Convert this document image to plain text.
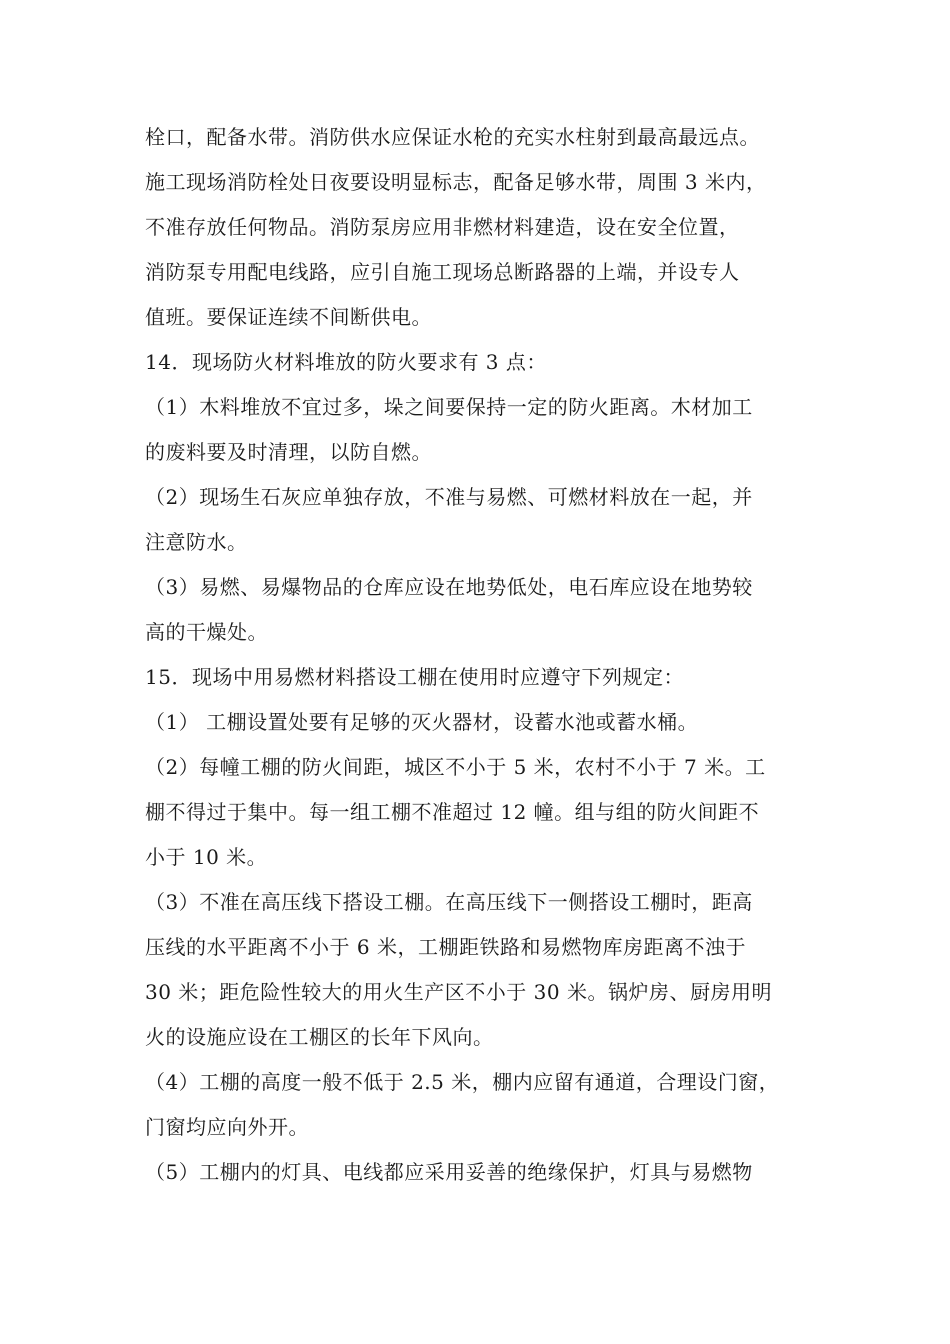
栓口，配备水带。消防供水应保证水枪的充实水柱射到最高最远点。
施工现场消防栓处日夜要设明显标志，配备足够水带，周围 3 米内，
不准存放任何物品。消防泵房应用非燃材料建造，设在安全位置，
消防泵专用配电线路，应引自施工现场总断路器的上端，并设专人
值班。要保证连续不间断供电。
14．现场防火材料堆放的防火要求有 3 点：
（1）木料堆放不宜过多，垛之间要保持一定的防火距离。木材加工
的废料要及时清理，以防自燃。
（2）现场生石灰应单独存放，不准与易燃、可燃材料放在一起，并
注意防水。
（3）易燃、易爆物品的仓库应设在地势低处，电石库应设在地势较
高的干燥处。
15．现场中用易燃材料搭设工棚在使用时应遵守下列规定：
（1） 工棚设置处要有足够的灭火器材，设蓄水池或蓄水桶。
（2）每幢工棚的防火间距，城区不小于 5 米，农村不小于 7 米。工
棚不得过于集中。每一组工棚不准超过 12 幢。组与组的防火间距不
小于 10 米。
（3）不准在高压线下搭设工棚。在高压线下一侧搭设工棚时，距高
压线的水平距离不小于 6 米，工棚距铁路和易燃物库房距离不浊于
30 米；距危险性较大的用火生产区不小于 30 米。锅炉房、厨房用明
火的设施应设在工棚区的长年下风向。
（4）工棚的高度一般不低于 2.5 米，棚内应留有通道，合理设门窗，
门窗均应向外开。
（5）工棚内的灯具、电线都应采用妥善的绝缘保护，灯具与易燃物
